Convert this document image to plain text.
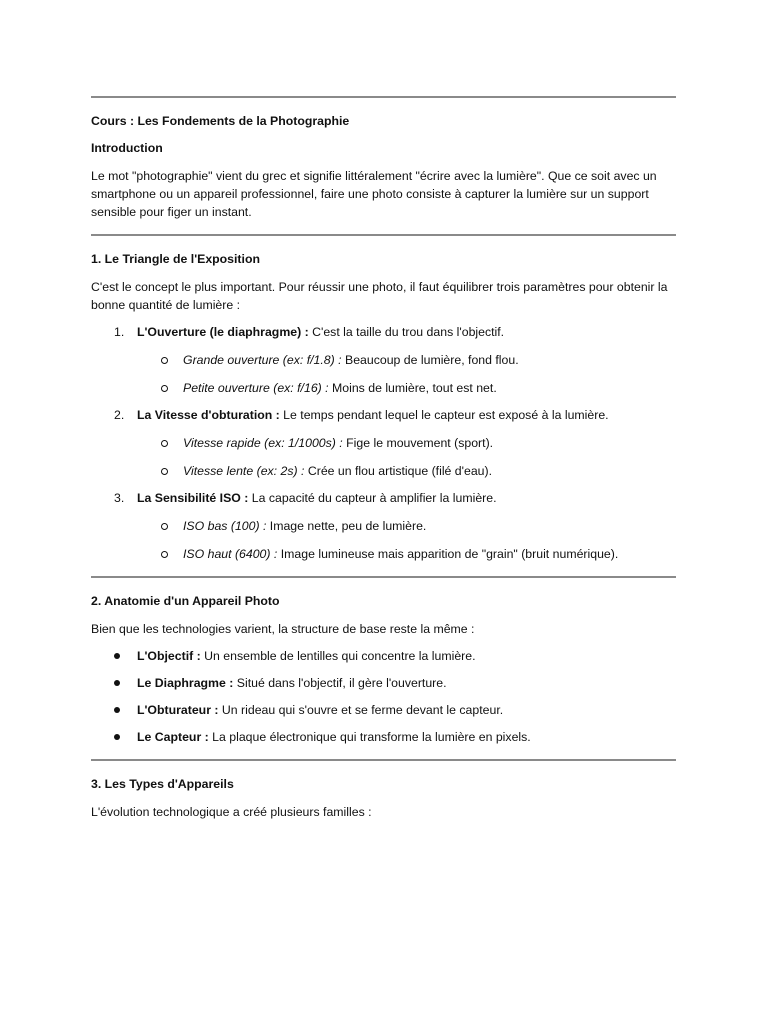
Cours : Les Fondements de la Photographie

Introduction

Le mot "photographie" vient du grec et signifie littéralement "écrire avec la lumière". Que ce soit avec un smartphone ou un appareil professionnel, faire une photo consiste à capturer la lumière sur un support sensible pour figer un instant.

1. Le Triangle de l'Exposition

C'est le concept le plus important. Pour réussir une photo, il faut équilibrer trois paramètres pour obtenir la bonne quantité de lumière :

1. L'Ouverture (le diaphragme) : C'est la taille du trou dans l'objectif.
Grande ouverture (ex: f/1.8) : Beaucoup de lumière, fond flou.
Petite ouverture (ex: f/16) : Moins de lumière, tout est net.
2. La Vitesse d'obturation : Le temps pendant lequel le capteur est exposé à la lumière.
Vitesse rapide (ex: 1/1000s) : Fige le mouvement (sport).
Vitesse lente (ex: 2s) : Crée un flou artistique (filé d'eau).
3. La Sensibilité ISO : La capacité du capteur à amplifier la lumière.
ISO bas (100) : Image nette, peu de lumière.
ISO haut (6400) : Image lumineuse mais apparition de "grain" (bruit numérique).

2. Anatomie d'un Appareil Photo

Bien que les technologies varient, la structure de base reste la même :

L'Objectif : Un ensemble de lentilles qui concentre la lumière.
Le Diaphragme : Situé dans l'objectif, il gère l'ouverture.
L'Obturateur : Un rideau qui s'ouvre et se ferme devant le capteur.
Le Capteur : La plaque électronique qui transforme la lumière en pixels.

3. Les Types d'Appareils

L'évolution technologique a créé plusieurs familles :
